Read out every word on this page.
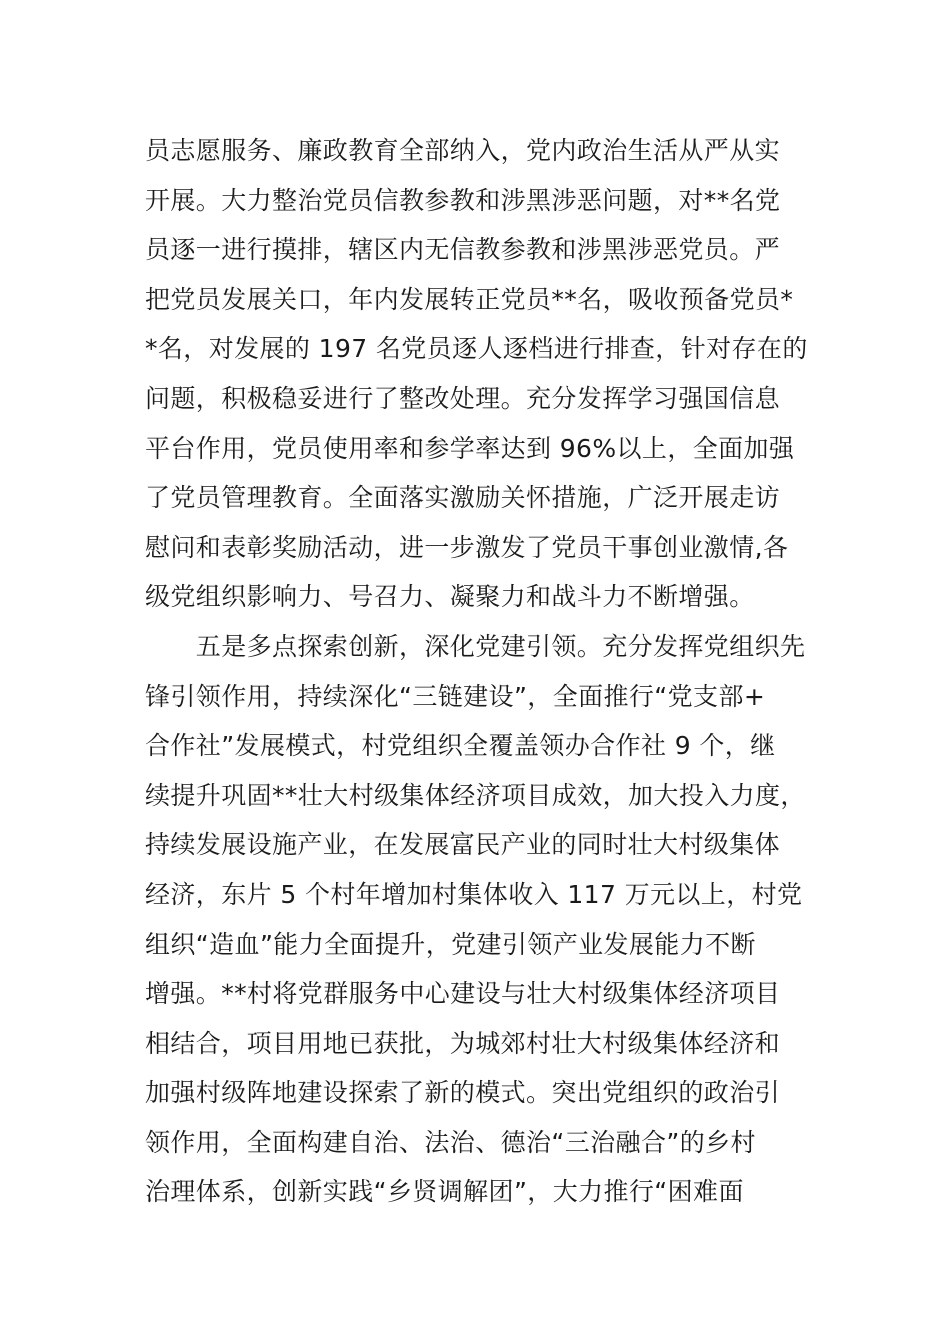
员志愿服务、廉政教育全部纳入，党内政治生活从严从实
开展。大力整治党员信教参教和涉黑涉恶问题，对**名党
员逐一进行摸排，辖区内无信教参教和涉黑涉恶党员。严
把党员发展关口，年内发展转正党员**名，吸收预备党员*
*名，对发展的 197 名党员逐人逐档进行排查，针对存在的
问题，积极稳妥进行了整改处理。充分发挥学习强国信息
平台作用，党员使用率和参学率达到 96%以上，全面加强
了党员管理教育。全面落实激励关怀措施，广泛开展走访
慰问和表彰奖励活动，进一步激发了党员干事创业激情,各
级党组织影响力、号召力、凝聚力和战斗力不断增强。
　　五是多点探索创新，深化党建引领。充分发挥党组织先
锋引领作用，持续深化“三链建设”，全面推行“党支部+
合作社”发展模式，村党组织全覆盖领办合作社 9 个，继
续提升巩固**壮大村级集体经济项目成效，加大投入力度，
持续发展设施产业，在发展富民产业的同时壮大村级集体
经济，东片 5 个村年增加村集体收入 117 万元以上，村党
组织“造血”能力全面提升，党建引领产业发展能力不断
增强。**村将党群服务中心建设与壮大村级集体经济项目
相结合，项目用地已获批，为城郊村壮大村级集体经济和
加强村级阵地建设探索了新的模式。突出党组织的政治引
领作用，全面构建自治、法治、德治“三治融合”的乡村
治理体系，创新实践“乡贤调解团”，大力推行“困难面
